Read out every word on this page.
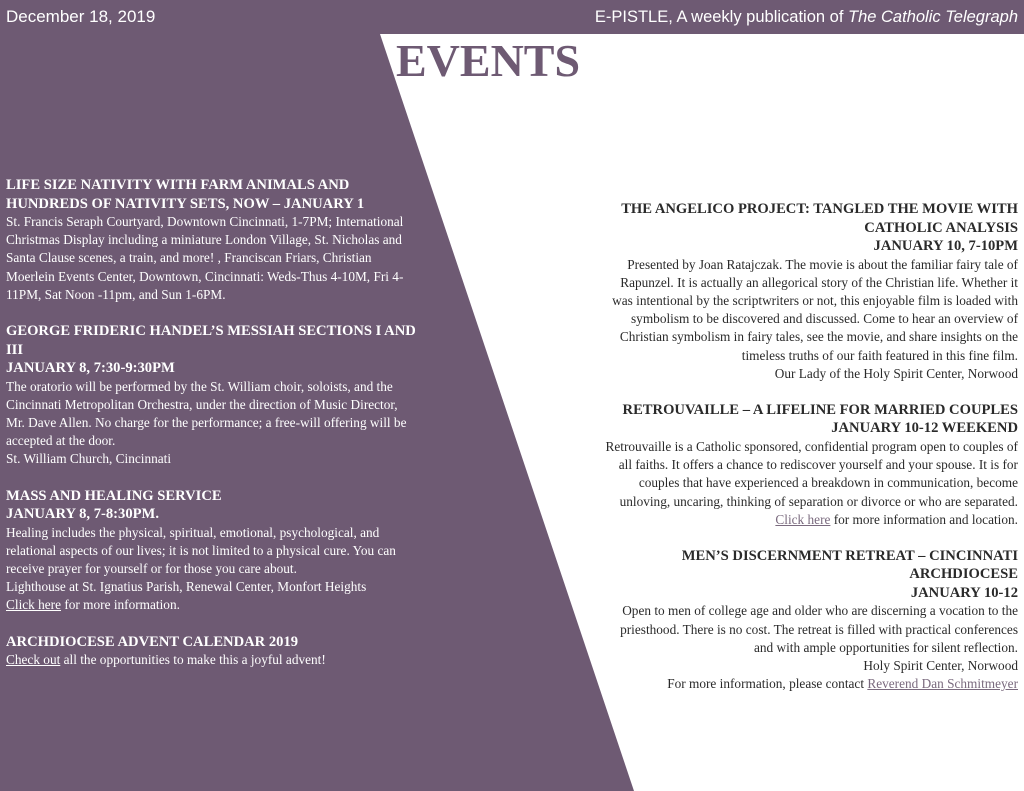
December 18, 2019	E-PISTLE, A weekly publication of The Catholic Telegraph
EVENTS
LIFE SIZE NATIVITY WITH FARM ANIMALS AND HUNDREDS OF NATIVITY SETS, NOW – JANUARY 1

St. Francis Seraph Courtyard, Downtown Cincinnati, 1-7PM; International Christmas Display including a miniature London Village, St. Nicholas and Santa Clause scenes, a train, and more! , Franciscan Friars, Christian Moerlein Events Center, Downtown, Cincinnati: Weds-Thus 4-10M, Fri 4-11PM, Sat Noon -11pm, and Sun 1-6PM.

GEORGE FRIDERIC HANDEL’S MESSIAH SECTIONS I AND III
JANUARY 8, 7:30-9:30PM

The oratorio will be performed by the St. William choir, soloists, and the Cincinnati Metropolitan Orchestra, under the direction of Music Director, Mr. Dave Allen. No charge for the performance; a free-will offering will be accepted at the door.

St. William Church, Cincinnati

MASS AND HEALING SERVICE
JANUARY 8, 7-8:30PM.

Healing includes the physical, spiritual, emotional, psychological, and relational aspects of our lives; it is not limited to a physical cure. You can receive prayer for yourself or for those you care about.

Lighthouse at St. Ignatius Parish, Renewal Center, Monfort Heights

Click here for more information.

ARCHDIOCESE ADVENT CALENDAR 2019

Check out all the opportunities to make this a joyful advent!

THE ANGELICO PROJECT: TANGLED THE MOVIE WITH CATHOLIC ANALYSIS
JANUARY 10, 7-10PM

Presented by Joan Ratajczak. The movie is about the familiar fairy tale of Rapunzel. It is actually an allegorical story of the Christian life. Whether it was intentional by the scriptwriters or not, this enjoyable film is loaded with symbolism to be discovered and discussed. Come to hear an overview of Christian symbolism in fairy tales, see the movie, and share insights on the timeless truths of our faith featured in this fine film.

Our Lady of the Holy Spirit Center, Norwood

RETROUVAILLE – A LIFELINE FOR MARRIED COUPLES
JANUARY 10-12 WEEKEND

Retrouvaille is a Catholic sponsored, confidential program open to couples of all faiths. It offers a chance to rediscover yourself and your spouse. It is for couples that have experienced a breakdown in communication, become unloving, uncaring, thinking of separation or divorce or who are separated.

Click here for more information and location.

MEN’S DISCERNMENT RETREAT – CINCINNATI ARCHDIOCESE
JANUARY 10-12

Open to men of college age and older who are discerning a vocation to the priesthood. There is no cost. The retreat is filled with practical conferences and with ample opportunities for silent reflection.

Holy Spirit Center, Norwood

For more information, please contact Reverend Dan Schmitmeyer
